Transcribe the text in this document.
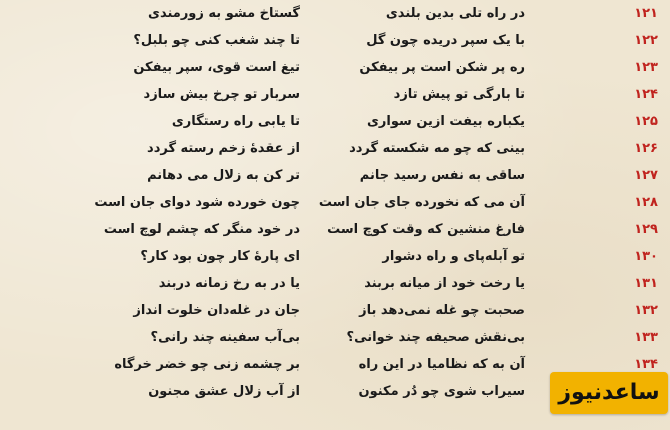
۱۲۱
در راه تلی بدین بلندی
گستاخ مشو به زورمندی
۱۲۲
با یک سپر دریده چون گل
تا چند شغب کنی چو بلبل؟
۱۲۳
ره پر شکن است پر بیفکن
تیغ است قوی، سپر بیفکن
۱۲۴
تا بارگی تو پیش تازد
سربار تو چرخ بیش سازد
۱۲۵
یکباره بیفت ازین سواری
تا یابی راه رستگاری
۱۲۶
بینی که چو مه شکسته گردد
از عقدهٔ زخم رسته گردد
۱۲۷
ساقی به نفس رسید جانم
تر کن به زلال می دهانم
۱۲۸
آن می که نخورده جای جان است
چون خورده شود دوای جان است
۱۲۹
فارغ منشین که وقت کوچ است
در خود منگر که چشم لوچ است
۱۳۰
تو آبله‌پای و راه دشوار
ای پارهٔ کار چون بود کار؟
۱۳۱
یا رخت خود از میانه بربند
یا در به رخ زمانه دربند
۱۳۲
صحبت چو غله نمی‌دهد باز
جان در غله‌دان خلوت انداز
۱۳۳
بی‌نقش صحیفه چند خوانی؟
بی‌آب سفینه چند رانی؟
۱۳۴
آن به که نظامیا در این راه
بر چشمه زنی چو خضر خرگاه
سیراب شوی چو دُر مکنون
از آب زلال عشق مجنون	ساعدنیوز
